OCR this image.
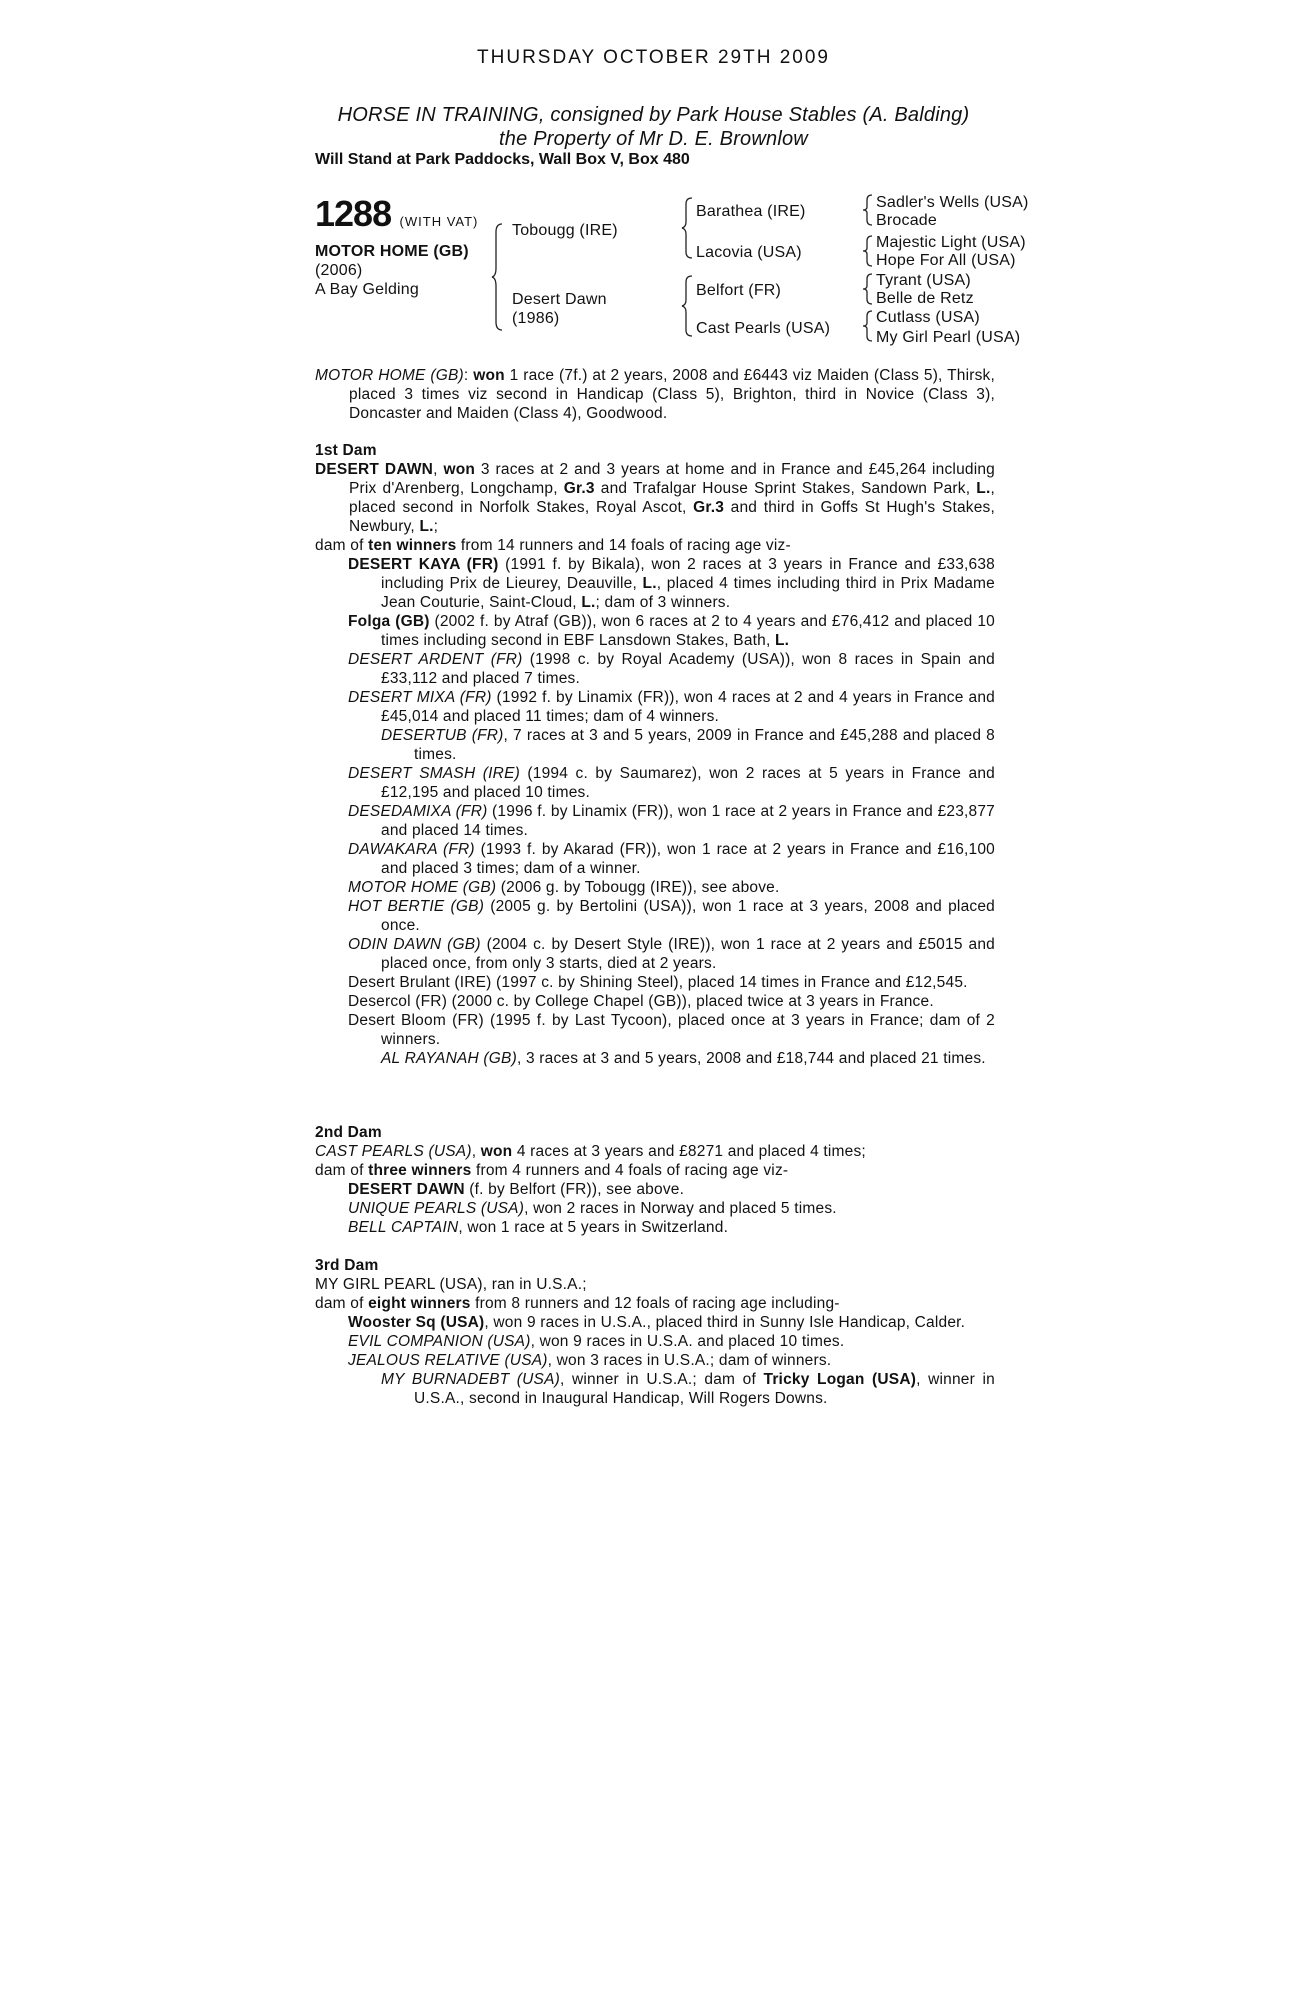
THURSDAY OCTOBER 29TH 2009
HORSE IN TRAINING, consigned by Park House Stables (A. Balding)
the Property of Mr D. E. Brownlow
Will Stand at Park Paddocks, Wall Box V, Box 480
1288 (WITH VAT)
MOTOR HOME (GB)
(2006)
A Bay Gelding
Tobougg (IRE)
Desert Dawn
(1986)
Barathea (IRE)
Lacovia (USA)
Belfort (FR)
Cast Pearls (USA)
Sadler's Wells (USA)
Brocade
Majestic Light (USA)
Hope For All (USA)
Tyrant (USA)
Belle de Retz
Cutlass (USA)
My Girl Pearl (USA)

MOTOR HOME (GB): won 1 race (7f.) at 2 years, 2008 and £6443 viz Maiden (Class 5), Thirsk, placed 3 times viz second in Handicap (Class 5), Brighton, third in Novice (Class 3), Doncaster and Maiden (Class 4), Goodwood.

1st Dam

DESERT DAWN, won 3 races at 2 and 3 years at home and in France and £45,264 including Prix d'Arenberg, Longchamp, Gr.3 and Trafalgar House Sprint Stakes, Sandown Park, L., placed second in Norfolk Stakes, Royal Ascot, Gr.3 and third in Goffs St Hugh's Stakes, Newbury, L.;

dam of ten winners from 14 runners and 14 foals of racing age viz-

DESERT KAYA (FR) (1991 f. by Bikala), won 2 races at 3 years in France and £33,638 including Prix de Lieurey, Deauville, L., placed 4 times including third in Prix Madame Jean Couturie, Saint-Cloud, L.; dam of 3 winners.

Folga (GB) (2002 f. by Atraf (GB)), won 6 races at 2 to 4 years and £76,412 and placed 10 times including second in EBF Lansdown Stakes, Bath, L.

DESERT ARDENT (FR) (1998 c. by Royal Academy (USA)), won 8 races in Spain and £33,112 and placed 7 times.

DESERT MIXA (FR) (1992 f. by Linamix (FR)), won 4 races at 2 and 4 years in France and £45,014 and placed 11 times; dam of 4 winners.

DESERTUB (FR), 7 races at 3 and 5 years, 2009 in France and £45,288 and placed 8 times.

DESERT SMASH (IRE) (1994 c. by Saumarez), won 2 races at 5 years in France and £12,195 and placed 10 times.

DESEDAMIXA (FR) (1996 f. by Linamix (FR)), won 1 race at 2 years in France and £23,877 and placed 14 times.

DAWAKARA (FR) (1993 f. by Akarad (FR)), won 1 race at 2 years in France and £16,100 and placed 3 times; dam of a winner.

MOTOR HOME (GB) (2006 g. by Tobougg (IRE)), see above.

HOT BERTIE (GB) (2005 g. by Bertolini (USA)), won 1 race at 3 years, 2008 and placed once.

ODIN DAWN (GB) (2004 c. by Desert Style (IRE)), won 1 race at 2 years and £5015 and placed once, from only 3 starts, died at 2 years.

Desert Brulant (IRE) (1997 c. by Shining Steel), placed 14 times in France and £12,545.

Desercol (FR) (2000 c. by College Chapel (GB)), placed twice at 3 years in France.

Desert Bloom (FR) (1995 f. by Last Tycoon), placed once at 3 years in France; dam of 2 winners.

AL RAYANAH (GB), 3 races at 3 and 5 years, 2008 and £18,744 and placed 21 times.

2nd Dam

CAST PEARLS (USA), won 4 races at 3 years and £8271 and placed 4 times;

dam of three winners from 4 runners and 4 foals of racing age viz-

DESERT DAWN (f. by Belfort (FR)), see above.

UNIQUE PEARLS (USA), won 2 races in Norway and placed 5 times.

BELL CAPTAIN, won 1 race at 5 years in Switzerland.

3rd Dam

MY GIRL PEARL (USA), ran in U.S.A.;

dam of eight winners from 8 runners and 12 foals of racing age including-

Wooster Sq (USA), won 9 races in U.S.A., placed third in Sunny Isle Handicap, Calder.

EVIL COMPANION (USA), won 9 races in U.S.A. and placed 10 times.

JEALOUS RELATIVE (USA), won 3 races in U.S.A.; dam of winners.

MY BURNADEBT (USA), winner in U.S.A.; dam of Tricky Logan (USA), winner in U.S.A., second in Inaugural Handicap, Will Rogers Downs.
